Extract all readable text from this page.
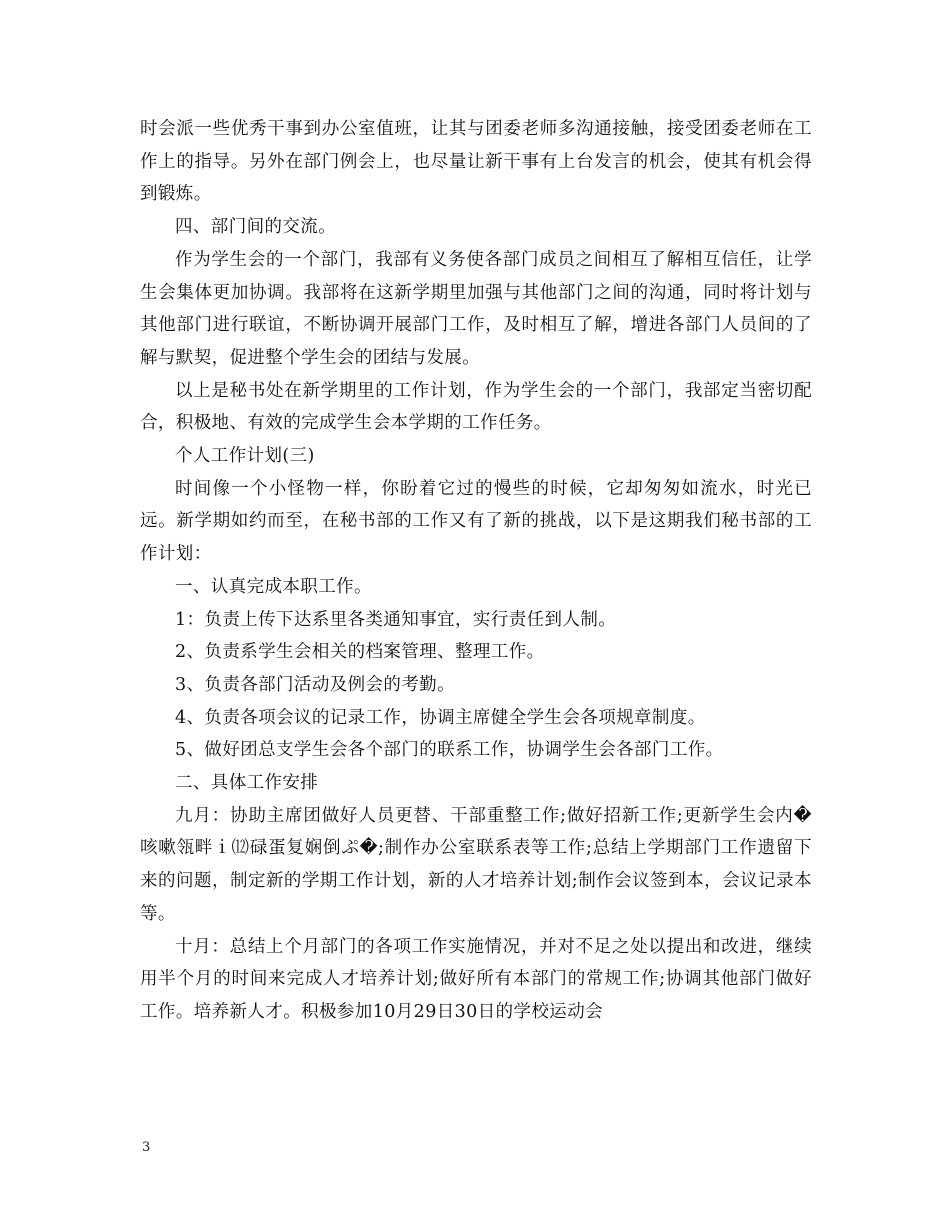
时会派一些优秀干事到办公室值班，让其与团委老师多沟通接触，接受团委老师在工作上的指导。另外在部门例会上，也尽量让新干事有上台发言的机会，使其有机会得到锻炼。

四、部门间的交流。

作为学生会的一个部门，我部有义务使各部门成员之间相互了解相互信任，让学生会集体更加协调。我部将在这新学期里加强与其他部门之间的沟通，同时将计划与其他部门进行联谊，不断协调开展部门工作，及时相互了解，增进各部门人员间的了解与默契，促进整个学生会的团结与发展。

以上是秘书处在新学期里的工作计划，作为学生会的一个部门，我部定当密切配合，积极地、有效的完成学生会本学期的工作任务。

个人工作计划(三)

时间像一个小怪物一样，你盼着它过的慢些的时候，它却匆匆如流水，时光已远。新学期如约而至，在秘书部的工作又有了新的挑战，以下是这期我们秘书部的工作计划：

一、认真完成本职工作。

1：负责上传下达系里各类通知事宜，实行责任到人制。

2、负责系学生会相关的档案管理、整理工作。

3、负责各部门活动及例会的考勤。

4、负责各项会议的记录工作，协调主席健全学生会各项规章制度。

5、做好团总支学生会各个部门的联系工作，协调学生会各部门工作。

二、具体工作安排

九月：协助主席团做好人员更替、干部重整工作;做好招新工作;更新学生会内�咳嗽瓴畔ｉ⑿碌蛋复娴倒ぷ�;制作办公室联系表等工作;总结上学期部门工作遗留下来的问题，制定新的学期工作计划，新的人才培养计划;制作会议签到本，会议记录本等。

十月：总结上个月部门的各项工作实施情况，并对不足之处以提出和改进，继续用半个月的时间来完成人才培养计划;做好所有本部门的常规工作;协调其他部门做好工作。培养新人才。积极参加10月29日30日的学校运动会

3
